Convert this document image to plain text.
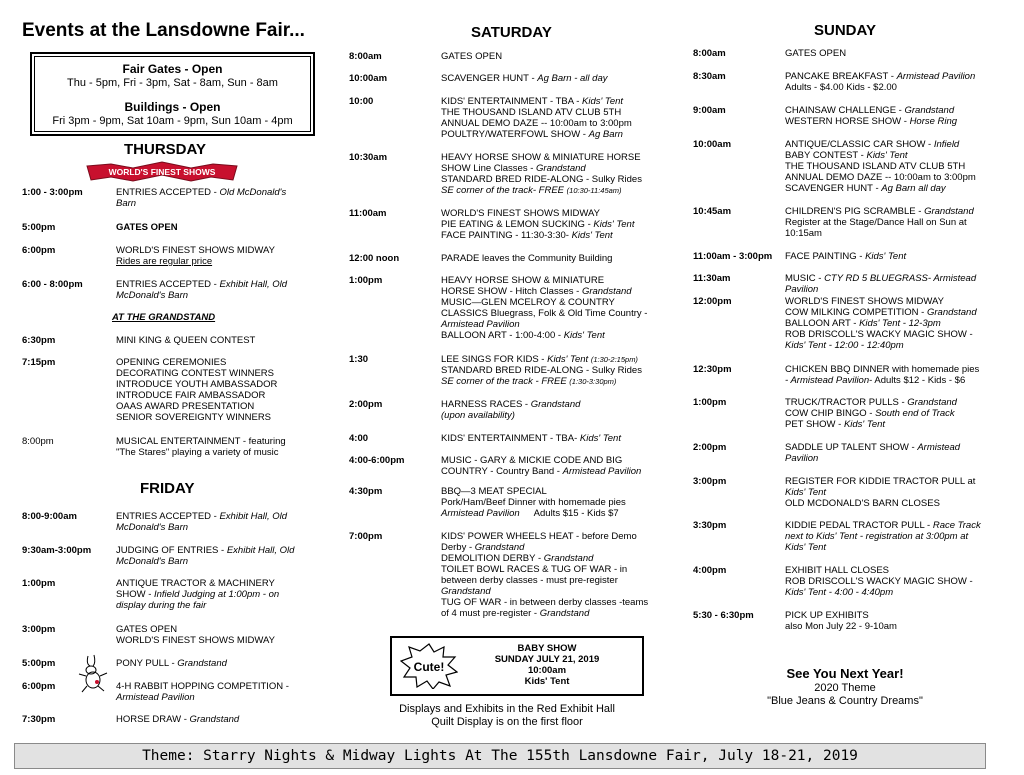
Events at the Lansdowne Fair...
Fair Gates - Open
Thu - 5pm, Fri - 3pm, Sat - 8am, Sun - 8am
Buildings - Open
Fri 3pm - 9pm, Sat 10am - 9pm, Sun 10am - 4pm
THURSDAY
WORLD'S FINEST SHOWS
1:00 - 3:00pm	ENTRIES ACCEPTED - Old McDonald's
Barn
5:00pm	GATES OPEN
6:00pm	WORLD'S FINEST SHOWS MIDWAY
Rides are regular price
6:00 - 8:00pm	ENTRIES ACCEPTED - Exhibit Hall, Old
McDonald's Barn
AT THE GRANDSTAND
6:30pm	MINI KING & QUEEN CONTEST
7:15pm	OPENING CEREMONIES
DECORATING CONTEST WINNERS
INTRODUCE YOUTH AMBASSADOR
INTRODUCE FAIR AMBASSADOR
OAAS AWARD PRESENTATION
SENIOR SOVEREIGNTY WINNERS
8:00pm	MUSICAL ENTERTAINMENT - featuring
"The Stares" playing a variety of music
FRIDAY
8:00-9:00am	ENTRIES ACCEPTED - Exhibit Hall, Old
McDonald's Barn
9:30am-3:00pm	JUDGING OF ENTRIES - Exhibit Hall, Old
McDonald's Barn
1:00pm	ANTIQUE TRACTOR & MACHINERY
SHOW - Infield Judging at 1:00pm - on
display during the fair
3:00pm	GATES OPEN
WORLD'S FINEST SHOWS MIDWAY
5:00pm	PONY PULL - Grandstand
6:00pm	4-H RABBIT HOPPING COMPETITION -
Armistead Pavilion
7:30pm	HORSE DRAW - Grandstand
SATURDAY
8:00am	GATES OPEN
10:00am	SCAVENGER HUNT - Ag Barn - all day
10:00	KIDS' ENTERTAINMENT - TBA - Kids' Tent
THE THOUSAND ISLAND ATV CLUB 5TH
ANNUAL DEMO DAZE -- 10:00am to 3:00pm
POULTRY/WATERFOWL SHOW - Ag Barn
10:30am	HEAVY HORSE SHOW & MINIATURE HORSE
SHOW Line Classes - Grandstand
STANDARD BRED RIDE-ALONG - Sulky Rides
SE corner of the track- FREE (10:30-11:45am)
11:00am	WORLD'S FINEST SHOWS MIDWAY
PIE EATING & LEMON SUCKING - Kids' Tent
FACE PAINTING - 11:30-3:30- Kids' Tent
12:00 noon	PARADE leaves the Community Building
1:00pm	HEAVY HORSE SHOW & MINIATURE
HORSE SHOW - Hitch Classes - Grandstand
MUSIC—GLEN MCELROY & COUNTRY
CLASSICS Bluegrass, Folk & Old Time Country -
Armistead Pavilion
BALLOON ART - 1:00-4:00 - Kids' Tent
1:30	LEE SINGS FOR KIDS - Kids' Tent (1:30-2:15pm)
STANDARD BRED RIDE-ALONG - Sulky Rides
SE corner of the track - FREE (1:30-3:30pm)
2:00pm	HARNESS RACES - Grandstand
(upon availability)
4:00	KIDS' ENTERTAINMENT - TBA- Kids' Tent
4:00-6:00pm	MUSIC - GARY & MICKIE CODE AND BIG
COUNTRY - Country Band - Armistead Pavilion
4:30pm	BBQ—3 MEAT SPECIAL
Pork/Ham/Beef Dinner with homemade pies
Armistead Pavilion Adults $15 - Kids $7
7:00pm	KIDS' POWER WHEELS HEAT - before Demo
Derby - Grandstand
DEMOLITION DERBY - Grandstand
TOILET BOWL RACES & TUG OF WAR - in
between derby classes - must pre-register
Grandstand
TUG OF WAR - in between derby classes -teams
of 4 must pre-register - Grandstand
Cute!
BABY SHOW
SUNDAY JULY 21, 2019
10:00am
Kids' Tent
Displays and Exhibits in the Red Exhibit Hall
Quilt Display is on the first floor
SUNDAY
8:00am	GATES OPEN
8:30am	PANCAKE BREAKFAST - Armistead Pavilion
Adults - $4.00 Kids - $2.00
9:00am	CHAINSAW CHALLENGE - Grandstand
WESTERN HORSE SHOW - Horse Ring
10:00am	ANTIQUE/CLASSIC CAR SHOW - Infield
BABY CONTEST - Kids' Tent
THE THOUSAND ISLAND ATV CLUB 5TH
ANNUAL DEMO DAZE -- 10:00am to 3:00pm
SCAVENGER HUNT - Ag Barn all day
10:45am	CHILDREN'S PIG SCRAMBLE - Grandstand
Register at the Stage/Dance Hall on Sun at
10:15am
11:00am - 3:00pm FACE PAINTING - Kids' Tent
11:30am	MUSIC - CTY RD 5 BLUEGRASS- Armistead
Pavilion
12:00pm	WORLD'S FINEST SHOWS MIDWAY
COW MILKING COMPETITION - Grandstand
BALLOON ART - Kids' Tent - 12-3pm
ROB DRISCOLL'S WACKY MAGIC SHOW -
Kids' Tent - 12:00 - 12:40pm
12:30pm	CHICKEN BBQ DINNER with homemade pies
- Armistead Pavilion- Adults $12 - Kids - $6
1:00pm	TRUCK/TRACTOR PULLS - Grandstand
COW CHIP BINGO - South end of Track
PET SHOW - Kids' Tent
2:00pm	SADDLE UP TALENT SHOW - Armistead
Pavilion
3:00pm	REGISTER FOR KIDDIE TRACTOR PULL at
Kids' Tent
OLD MCDONALD'S BARN CLOSES
3:30pm	KIDDIE PEDAL TRACTOR PULL - Race Track
next to Kids' Tent - registration at 3:00pm at
Kids' Tent
4:00pm	EXHIBIT HALL CLOSES
ROB DRISCOLL'S WACKY MAGIC SHOW -
Kids' Tent - 4:00 - 4:40pm
5:30 - 6:30pm	PICK UP EXHIBITS
also Mon July 22 - 9-10am
See You Next Year!
2020 Theme
"Blue Jeans & Country Dreams"
Theme: Starry Nights & Midway Lights At The 155th Lansdowne Fair, July 18-21, 2019
